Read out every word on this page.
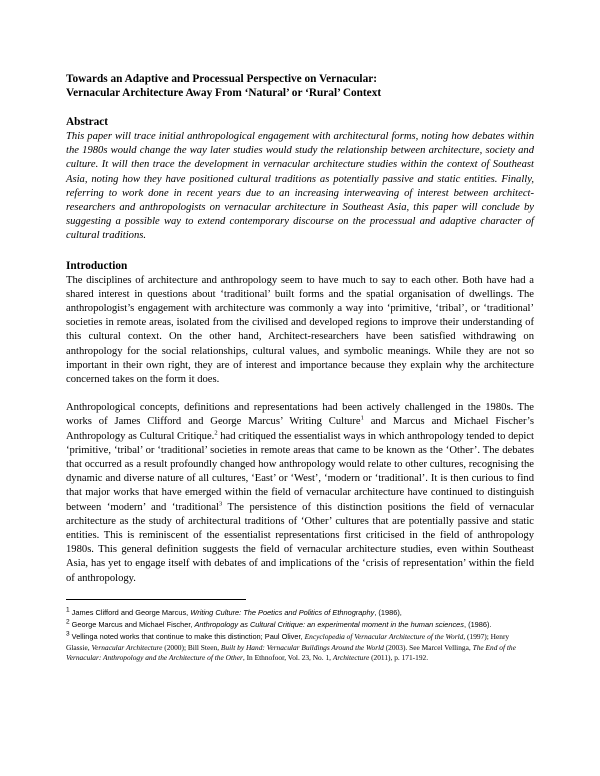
Towards an Adaptive and Processual Perspective on Vernacular:
Vernacular Architecture Away From ‘Natural’ or ‘Rural’ Context
Abstract

This paper will trace initial anthropological engagement with architectural forms, noting how debates within the 1980s would change the way later studies would study the relationship between architecture, society and culture. It will then trace the development in vernacular architecture studies within the context of Southeast Asia, noting how they have positioned cultural traditions as potentially passive and static entities. Finally, referring to work done in recent years due to an increasing interweaving of interest between architect-researchers and anthropologists on vernacular architecture in Southeast Asia, this paper will conclude by suggesting a possible way to extend contemporary discourse on the processual and adaptive character of cultural traditions.

Introduction

The disciplines of architecture and anthropology seem to have much to say to each other. Both have had a shared interest in questions about ‘traditional’ built forms and the spatial organisation of dwellings. The anthropologist’s engagement with architecture was commonly a way into ‘primitive, ‘tribal’, or ‘traditional’ societies in remote areas, isolated from the civilised and developed regions to improve their understanding of this cultural context. On the other hand, Architect-researchers have been satisfied withdrawing on anthropology for the social relationships, cultural values, and symbolic meanings. While they are not so important in their own right, they are of interest and importance because they explain why the architecture concerned takes on the form it does.

Anthropological concepts, definitions and representations had been actively challenged in the 1980s. The works of James Clifford and George Marcus’ Writing Culture$^1$ and Marcus and Michael Fischer’s Anthropology as Cultural Critique.$^2$ had critiqued the essentialist ways in which anthropology tended to depict ‘primitive, ‘tribal’ or ‘traditional’ societies in remote areas that came to be known as the ‘Other’. The debates that occurred as a result profoundly changed how anthropology would relate to other cultures, recognising the dynamic and diverse nature of all cultures, ‘East’ or ‘West’, ‘modern or ‘traditional’. It is then curious to find that major works that have emerged within the field of vernacular architecture have continued to distinguish between ‘modern’ and ‘traditional$^3$ The persistence of this distinction positions the field of vernacular architecture as the study of architectural traditions of ‘Other’ cultures that are potentially passive and static entities. This is reminiscent of the essentialist representations first criticised in the field of anthropology 1980s. This general definition suggests the field of vernacular architecture studies, even within Southeast Asia, has yet to engage itself with debates of and implications of the ‘crisis of representation’ within the field of anthropology.

$^1$ James Clifford and George Marcus, Writing Culture: The Poetics and Politics of Ethnography, (1986),
$^2$ George Marcus and Michael Fischer, Anthropology as Cultural Critique: an experimental moment in the human sciences, (1986).
$^3$ Vellinga noted works that continue to make this distinction; Paul Oliver, Encyclopedia of Vernacular Architecture of the World, (1997); Henry Glassie, Vernacular Architecture (2000); Bill Steen, Built by Hand: Vernacular Buildings Around the World (2003). See Marcel Vellinga, The End of the Vernacular: Anthropology and the Architecture of the Other, In Ethnofoor, Vol. 23, No. 1, Architecture (2011), p. 171-192.
